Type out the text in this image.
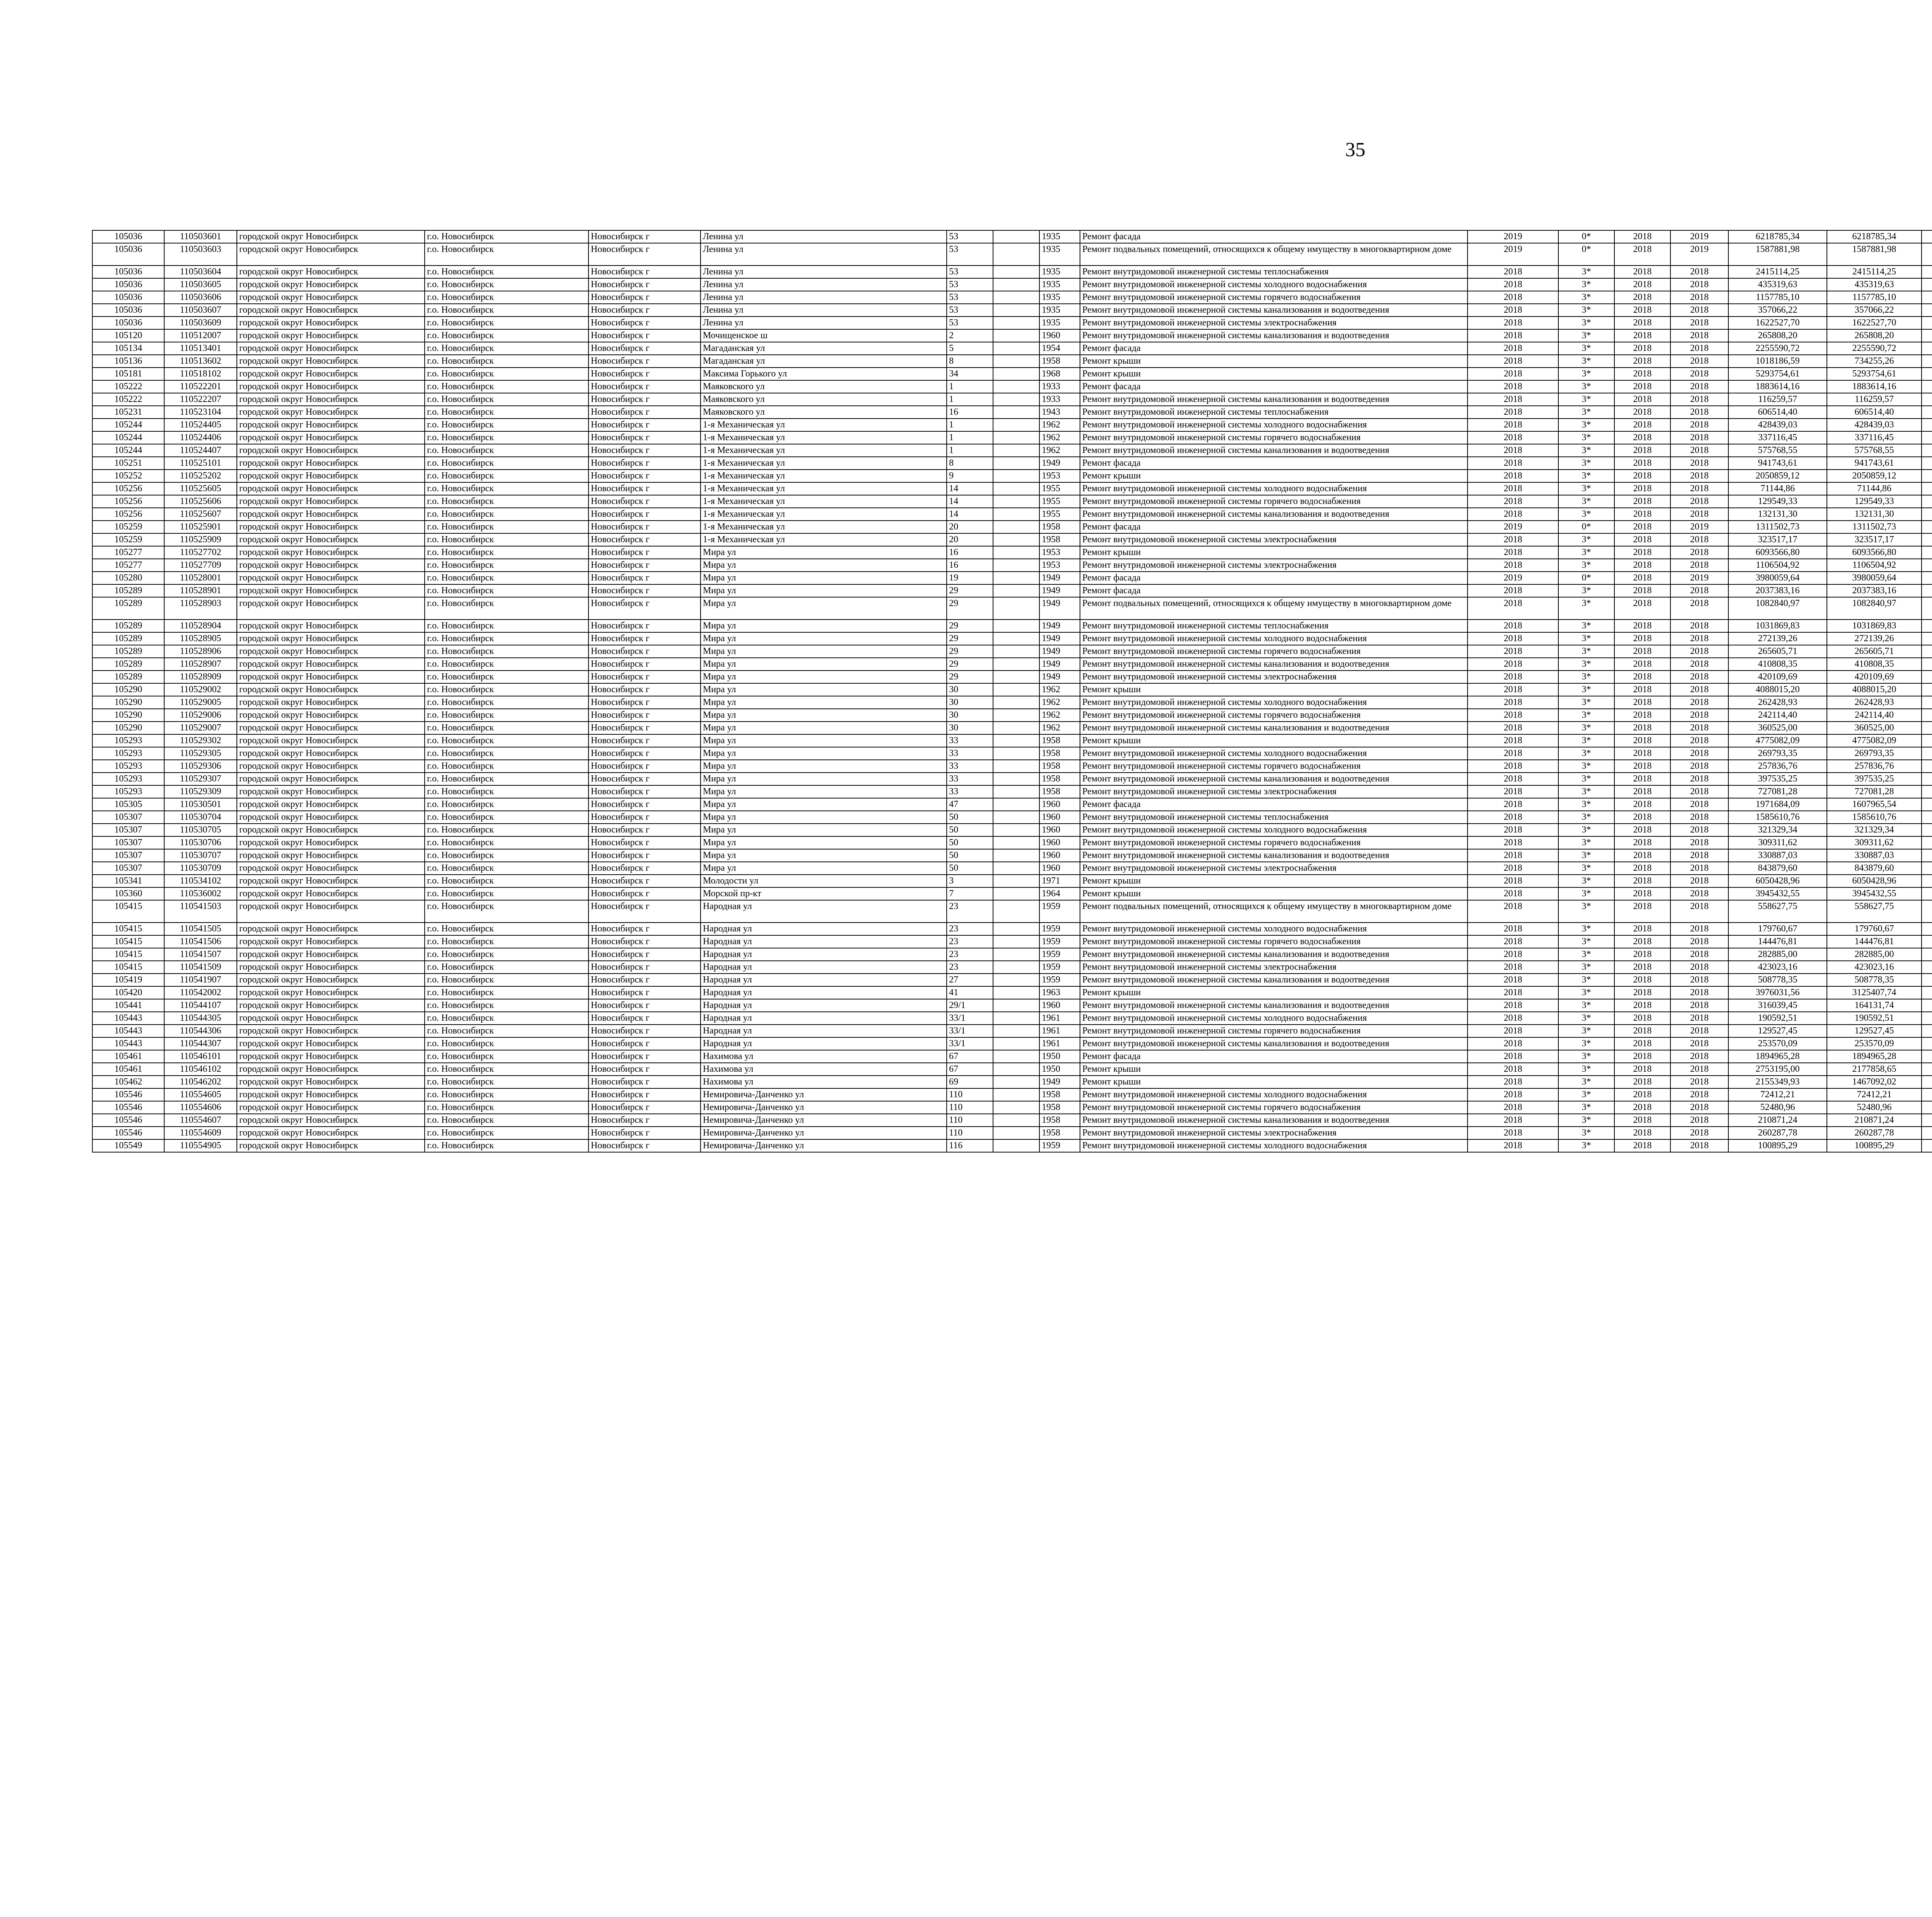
35
105036	110503601	городской округ Новосибирск	г.о. Новосибирск	Новосибирск г	Ленина ул	53		1935	Ремонт фасада	2019	0*	2018	2019	6218785,34	6218785,34						
105036	110503603	городской округ Новосибирск	г.о. Новосибирск	Новосибирск г	Ленина ул	53		1935	Ремонт подвальных помещений, относящихся к общему имуществу в многоквартирном доме	2019	0*	2018	2019	1587881,98	1587881,98						
105036	110503604	городской округ Новосибирск	г.о. Новосибирск	Новосибирск г	Ленина ул	53		1935	Ремонт внутридомовой инженерной системы теплоснабжения	2018	3*	2018	2018	2415114,25	2415114,25						
105036	110503605	городской округ Новосибирск	г.о. Новосибирск	Новосибирск г	Ленина ул	53		1935	Ремонт внутридомовой инженерной системы холодного водоснабжения	2018	3*	2018	2018	435319,63	435319,63						
105036	110503606	городской округ Новосибирск	г.о. Новосибирск	Новосибирск г	Ленина ул	53		1935	Ремонт внутридомовой инженерной системы горячего водоснабжения	2018	3*	2018	2018	1157785,10	1157785,10						
105036	110503607	городской округ Новосибирск	г.о. Новосибирск	Новосибирск г	Ленина ул	53		1935	Ремонт внутридомовой инженерной системы канализования и водоотведения	2018	3*	2018	2018	357066,22	357066,22						
105036	110503609	городской округ Новосибирск	г.о. Новосибирск	Новосибирск г	Ленина ул	53		1935	Ремонт внутридомовой инженерной системы электроснабжения	2018	3*	2018	2018	1622527,70	1622527,70						
105120	110512007	городской округ Новосибирск	г.о. Новосибирск	Новосибирск г	Мочищенское ш	2		1960	Ремонт внутридомовой инженерной системы канализования и водоотведения	2018	3*	2018	2018	265808,20	265808,20						
105134	110513401	городской округ Новосибирск	г.о. Новосибирск	Новосибирск г	Магаданская ул	5		1954	Ремонт фасада	2018	3*	2018	2018	2255590,72	2255590,72						
105136	110513602	городской округ Новосибирск	г.о. Новосибирск	Новосибирск г	Магаданская ул	8		1958	Ремонт крыши	2018	3*	2018	2018	1018186,59	734255,26						
105181	110518102	городской округ Новосибирск	г.о. Новосибирск	Новосибирск г	Максима Горького ул	34		1968	Ремонт крыши	2018	3*	2018	2018	5293754,61	5293754,61						
105222	110522201	городской округ Новосибирск	г.о. Новосибирск	Новосибирск г	Маяковского ул	1		1933	Ремонт фасада	2018	3*	2018	2018	1883614,16	1883614,16						
105222	110522207	городской округ Новосибирск	г.о. Новосибирск	Новосибирск г	Маяковского ул	1		1933	Ремонт внутридомовой инженерной системы канализования и водоотведения	2018	3*	2018	2018	116259,57	116259,57						
105231	110523104	городской округ Новосибирск	г.о. Новосибирск	Новосибирск г	Маяковского ул	16		1943	Ремонт внутридомовой инженерной системы теплоснабжения	2018	3*	2018	2018	606514,40	606514,40						
105244	110524405	городской округ Новосибирск	г.о. Новосибирск	Новосибирск г	1-я Механическая ул	1		1962	Ремонт внутридомовой инженерной системы холодного водоснабжения	2018	3*	2018	2018	428439,03	428439,03						
105244	110524406	городской округ Новосибирск	г.о. Новосибирск	Новосибирск г	1-я Механическая ул	1		1962	Ремонт внутридомовой инженерной системы горячего водоснабжения	2018	3*	2018	2018	337116,45	337116,45						
105244	110524407	городской округ Новосибирск	г.о. Новосибирск	Новосибирск г	1-я Механическая ул	1		1962	Ремонт внутридомовой инженерной системы канализования и водоотведения	2018	3*	2018	2018	575768,55	575768,55						
105251	110525101	городской округ Новосибирск	г.о. Новосибирск	Новосибирск г	1-я Механическая ул	8		1949	Ремонт фасада	2018	3*	2018	2018	941743,61	941743,61						
105252	110525202	городской округ Новосибирск	г.о. Новосибирск	Новосибирск г	1-я Механическая ул	9		1953	Ремонт крыши	2018	3*	2018	2018	2050859,12	2050859,12						
105256	110525605	городской округ Новосибирск	г.о. Новосибирск	Новосибирск г	1-я Механическая ул	14		1955	Ремонт внутридомовой инженерной системы холодного водоснабжения	2018	3*	2018	2018	71144,86	71144,86						
105256	110525606	городской округ Новосибирск	г.о. Новосибирск	Новосибирск г	1-я Механическая ул	14		1955	Ремонт внутридомовой инженерной системы горячего водоснабжения	2018	3*	2018	2018	129549,33	129549,33						
105256	110525607	городской округ Новосибирск	г.о. Новосибирск	Новосибирск г	1-я Механическая ул	14		1955	Ремонт внутридомовой инженерной системы канализования и водоотведения	2018	3*	2018	2018	132131,30	132131,30						
105259	110525901	городской округ Новосибирск	г.о. Новосибирск	Новосибирск г	1-я Механическая ул	20		1958	Ремонт фасада	2019	0*	2018	2019	1311502,73	1311502,73						
105259	110525909	городской округ Новосибирск	г.о. Новосибирск	Новосибирск г	1-я Механическая ул	20		1958	Ремонт внутридомовой инженерной системы электроснабжения	2018	3*	2018	2018	323517,17	323517,17						
105277	110527702	городской округ Новосибирск	г.о. Новосибирск	Новосибирск г	Мира ул	16		1953	Ремонт крыши	2018	3*	2018	2018	6093566,80	6093566,80						
105277	110527709	городской округ Новосибирск	г.о. Новосибирск	Новосибирск г	Мира ул	16		1953	Ремонт внутридомовой инженерной системы электроснабжения	2018	3*	2018	2018	1106504,92	1106504,92						
105280	110528001	городской округ Новосибирск	г.о. Новосибирск	Новосибирск г	Мира ул	19		1949	Ремонт фасада	2019	0*	2018	2019	3980059,64	3980059,64						
105289	110528901	городской округ Новосибирск	г.о. Новосибирск	Новосибирск г	Мира ул	29		1949	Ремонт фасада	2018	3*	2018	2018	2037383,16	2037383,16						
105289	110528903	городской округ Новосибирск	г.о. Новосибирск	Новосибирск г	Мира ул	29		1949	Ремонт подвальных помещений, относящихся к общему имуществу в многоквартирном доме	2018	3*	2018	2018	1082840,97	1082840,97						
105289	110528904	городской округ Новосибирск	г.о. Новосибирск	Новосибирск г	Мира ул	29		1949	Ремонт внутридомовой инженерной системы теплоснабжения	2018	3*	2018	2018	1031869,83	1031869,83						
105289	110528905	городской округ Новосибирск	г.о. Новосибирск	Новосибирск г	Мира ул	29		1949	Ремонт внутридомовой инженерной системы холодного водоснабжения	2018	3*	2018	2018	272139,26	272139,26						
105289	110528906	городской округ Новосибирск	г.о. Новосибирск	Новосибирск г	Мира ул	29		1949	Ремонт внутридомовой инженерной системы горячего водоснабжения	2018	3*	2018	2018	265605,71	265605,71						
105289	110528907	городской округ Новосибирск	г.о. Новосибирск	Новосибирск г	Мира ул	29		1949	Ремонт внутридомовой инженерной системы канализования и водоотведения	2018	3*	2018	2018	410808,35	410808,35						
105289	110528909	городской округ Новосибирск	г.о. Новосибирск	Новосибирск г	Мира ул	29		1949	Ремонт внутридомовой инженерной системы электроснабжения	2018	3*	2018	2018	420109,69	420109,69						
105290	110529002	городской округ Новосибирск	г.о. Новосибирск	Новосибирск г	Мира ул	30		1962	Ремонт крыши	2018	3*	2018	2018	4088015,20	4088015,20						
105290	110529005	городской округ Новосибирск	г.о. Новосибирск	Новосибирск г	Мира ул	30		1962	Ремонт внутридомовой инженерной системы холодного водоснабжения	2018	3*	2018	2018	262428,93	262428,93						
105290	110529006	городской округ Новосибирск	г.о. Новосибирск	Новосибирск г	Мира ул	30		1962	Ремонт внутридомовой инженерной системы горячего водоснабжения	2018	3*	2018	2018	242114,40	242114,40						
105290	110529007	городской округ Новосибирск	г.о. Новосибирск	Новосибирск г	Мира ул	30		1962	Ремонт внутридомовой инженерной системы канализования и водоотведения	2018	3*	2018	2018	360525,00	360525,00						
105293	110529302	городской округ Новосибирск	г.о. Новосибирск	Новосибирск г	Мира ул	33		1958	Ремонт крыши	2018	3*	2018	2018	4775082,09	4775082,09						
105293	110529305	городской округ Новосибирск	г.о. Новосибирск	Новосибирск г	Мира ул	33		1958	Ремонт внутридомовой инженерной системы холодного водоснабжения	2018	3*	2018	2018	269793,35	269793,35						
105293	110529306	городской округ Новосибирск	г.о. Новосибирск	Новосибирск г	Мира ул	33		1958	Ремонт внутридомовой инженерной системы горячего водоснабжения	2018	3*	2018	2018	257836,76	257836,76						
105293	110529307	городской округ Новосибирск	г.о. Новосибирск	Новосибирск г	Мира ул	33		1958	Ремонт внутридомовой инженерной системы канализования и водоотведения	2018	3*	2018	2018	397535,25	397535,25						
105293	110529309	городской округ Новосибирск	г.о. Новосибирск	Новосибирск г	Мира ул	33		1958	Ремонт внутридомовой инженерной системы электроснабжения	2018	3*	2018	2018	727081,28	727081,28						
105305	110530501	городской округ Новосибирск	г.о. Новосибирск	Новосибирск г	Мира ул	47		1960	Ремонт фасада	2018	3*	2018	2018	1971684,09	1607965,54						
105307	110530704	городской округ Новосибирск	г.о. Новосибирск	Новосибирск г	Мира ул	50		1960	Ремонт внутридомовой инженерной системы теплоснабжения	2018	3*	2018	2018	1585610,76	1585610,76						
105307	110530705	городской округ Новосибирск	г.о. Новосибирск	Новосибирск г	Мира ул	50		1960	Ремонт внутридомовой инженерной системы холодного водоснабжения	2018	3*	2018	2018	321329,34	321329,34						
105307	110530706	городской округ Новосибирск	г.о. Новосибирск	Новосибирск г	Мира ул	50		1960	Ремонт внутридомовой инженерной системы горячего водоснабжения	2018	3*	2018	2018	309311,62	309311,62						
105307	110530707	городской округ Новосибирск	г.о. Новосибирск	Новосибирск г	Мира ул	50		1960	Ремонт внутридомовой инженерной системы канализования и водоотведения	2018	3*	2018	2018	330887,03	330887,03						
105307	110530709	городской округ Новосибирск	г.о. Новосибирск	Новосибирск г	Мира ул	50		1960	Ремонт внутридомовой инженерной системы электроснабжения	2018	3*	2018	2018	843879,60	843879,60						
105341	110534102	городской округ Новосибирск	г.о. Новосибирск	Новосибирск г	Молодости ул	3		1971	Ремонт крыши	2018	3*	2018	2018	6050428,96	6050428,96						
105360	110536002	городской округ Новосибирск	г.о. Новосибирск	Новосибирск г	Морской пр-кт	7		1964	Ремонт крыши	2018	3*	2018	2018	3945432,55	3945432,55						
105415	110541503	городской округ Новосибирск	г.о. Новосибирск	Новосибирск г	Народная ул	23		1959	Ремонт подвальных помещений, относящихся к общему имуществу в многоквартирном доме	2018	3*	2018	2018	558627,75	558627,75						
105415	110541505	городской округ Новосибирск	г.о. Новосибирск	Новосибирск г	Народная ул	23		1959	Ремонт внутридомовой инженерной системы холодного водоснабжения	2018	3*	2018	2018	179760,67	179760,67						
105415	110541506	городской округ Новосибирск	г.о. Новосибирск	Новосибирск г	Народная ул	23		1959	Ремонт внутридомовой инженерной системы горячего водоснабжения	2018	3*	2018	2018	144476,81	144476,81						
105415	110541507	городской округ Новосибирск	г.о. Новосибирск	Новосибирск г	Народная ул	23		1959	Ремонт внутридомовой инженерной системы канализования и водоотведения	2018	3*	2018	2018	282885,00	282885,00						
105415	110541509	городской округ Новосибирск	г.о. Новосибирск	Новосибирск г	Народная ул	23		1959	Ремонт внутридомовой инженерной системы электроснабжения	2018	3*	2018	2018	423023,16	423023,16						
105419	110541907	городской округ Новосибирск	г.о. Новосибирск	Новосибирск г	Народная ул	27		1959	Ремонт внутридомовой инженерной системы канализования и водоотведения	2018	3*	2018	2018	508778,35	508778,35						
105420	110542002	городской округ Новосибирск	г.о. Новосибирск	Новосибирск г	Народная ул	41		1963	Ремонт крыши	2018	3*	2018	2018	3976031,56	3125407,74						
105441	110544107	городской округ Новосибирск	г.о. Новосибирск	Новосибирск г	Народная ул	29/1		1960	Ремонт внутридомовой инженерной системы канализования и водоотведения	2018	3*	2018	2018	316039,45	164131,74						
105443	110544305	городской округ Новосибирск	г.о. Новосибирск	Новосибирск г	Народная ул	33/1		1961	Ремонт внутридомовой инженерной системы холодного водоснабжения	2018	3*	2018	2018	190592,51	190592,51						
105443	110544306	городской округ Новосибирск	г.о. Новосибирск	Новосибирск г	Народная ул	33/1		1961	Ремонт внутридомовой инженерной системы горячего водоснабжения	2018	3*	2018	2018	129527,45	129527,45						
105443	110544307	городской округ Новосибирск	г.о. Новосибирск	Новосибирск г	Народная ул	33/1		1961	Ремонт внутридомовой инженерной системы канализования и водоотведения	2018	3*	2018	2018	253570,09	253570,09						
105461	110546101	городской округ Новосибирск	г.о. Новосибирск	Новосибирск г	Нахимова ул	67		1950	Ремонт фасада	2018	3*	2018	2018	1894965,28	1894965,28						
105461	110546102	городской округ Новосибирск	г.о. Новосибирск	Новосибирск г	Нахимова ул	67		1950	Ремонт крыши	2018	3*	2018	2018	2753195,00	2177858,65						
105462	110546202	городской округ Новосибирск	г.о. Новосибирск	Новосибирск г	Нахимова ул	69		1949	Ремонт крыши	2018	3*	2018	2018	2155349,93	1467092,02						
105546	110554605	городской округ Новосибирск	г.о. Новосибирск	Новосибирск г	Немировича-Данченко ул	110		1958	Ремонт внутридомовой инженерной системы холодного водоснабжения	2018	3*	2018	2018	72412,21	72412,21						
105546	110554606	городской округ Новосибирск	г.о. Новосибирск	Новосибирск г	Немировича-Данченко ул	110		1958	Ремонт внутридомовой инженерной системы горячего водоснабжения	2018	3*	2018	2018	52480,96	52480,96						
105546	110554607	городской округ Новосибирск	г.о. Новосибирск	Новосибирск г	Немировича-Данченко ул	110		1958	Ремонт внутридомовой инженерной системы канализования и водоотведения	2018	3*	2018	2018	210871,24	210871,24						
105546	110554609	городской округ Новосибирск	г.о. Новосибирск	Новосибирск г	Немировича-Данченко ул	110		1958	Ремонт внутридомовой инженерной системы электроснабжения	2018	3*	2018	2018	260287,78	260287,78						
105549	110554905	городской округ Новосибирск	г.о. Новосибирск	Новосибирск г	Немировича-Данченко ул	116		1959	Ремонт внутридомовой инженерной системы холодного водоснабжения	2018	3*	2018	2018	100895,29	100895,29						
